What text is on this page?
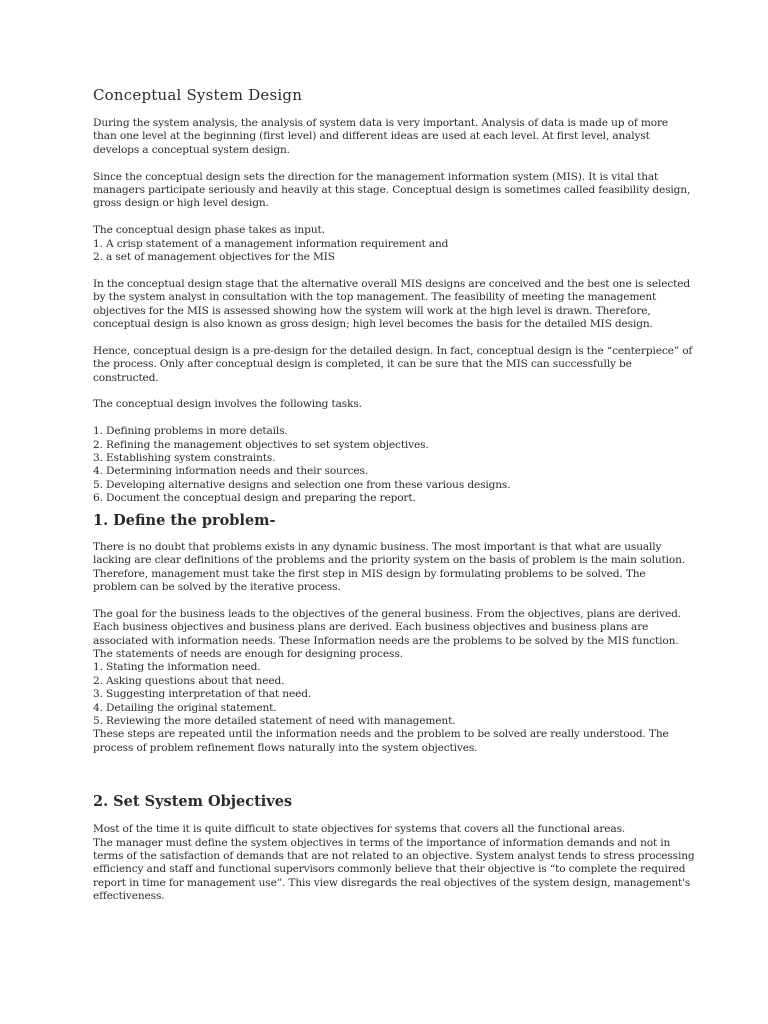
Conceptual System Design

During the system analysis, the analysis of system data is very important. Analysis of data is made up of more
than one level at the beginning (first level) and different ideas are used at each level. At first level, analyst
develops a conceptual system design.

Since the conceptual design sets the direction for the management information system (MIS). It is vital that
managers participate seriously and heavily at this stage. Conceptual design is sometimes called feasibility design,
gross design or high level design.

The conceptual design phase takes as input.
1. A crisp statement of a management information requirement and
2. a set of management objectives for the MIS

In the conceptual design stage that the alternative overall MIS designs are conceived and the best one is selected
by the system analyst in consultation with the top management. The feasibility of meeting the management
objectives for the MIS is assessed showing how the system will work at the high level is drawn. Therefore,
conceptual design is also known as gross design; high level becomes the basis for the detailed MIS design.

Hence, conceptual design is a pre-design for the detailed design. In fact, conceptual design is the “centerpiece” of
the process. Only after conceptual design is completed, it can be sure that the MIS can successfully be
constructed.

The conceptual design involves the following tasks.

1. Defining problems in more details.
2. Refining the management objectives to set system objectives.
3. Establishing system constraints.
4. Determining information needs and their sources.
5. Developing alternative designs and selection one from these various designs.
6. Document the conceptual design and preparing the report.

1. Define the problem-

There is no doubt that problems exists in any dynamic business. The most important is that what are usually
lacking are clear definitions of the problems and the priority system on the basis of problem is the main solution.
Therefore, management must take the first step in MIS design by formulating problems to be solved. The
problem can be solved by the iterative process.

The goal for the business leads to the objectives of the general business. From the objectives, plans are derived.
Each business objectives and business plans are derived. Each business objectives and business plans are
associated with information needs. These Information needs are the problems to be solved by the MIS function.
The statements of needs are enough for designing process.
1. Stating the information need.
2. Asking questions about that need.
3. Suggesting interpretation of that need.
4. Detailing the original statement.
5. Reviewing the more detailed statement of need with management.
These steps are repeated until the information needs and the problem to be solved are really understood. The
process of problem refinement flows naturally into the system objectives.

2. Set System Objectives

Most of the time it is quite difficult to state objectives for systems that covers all the functional areas.
The manager must define the system objectives in terms of the importance of information demands and not in
terms of the satisfaction of demands that are not related to an objective. System analyst tends to stress processing
efficiency and staff and functional supervisors commonly believe that their objective is “to complete the required
report in time for management use”. This view disregards the real objectives of the system design, management's
effectiveness.
